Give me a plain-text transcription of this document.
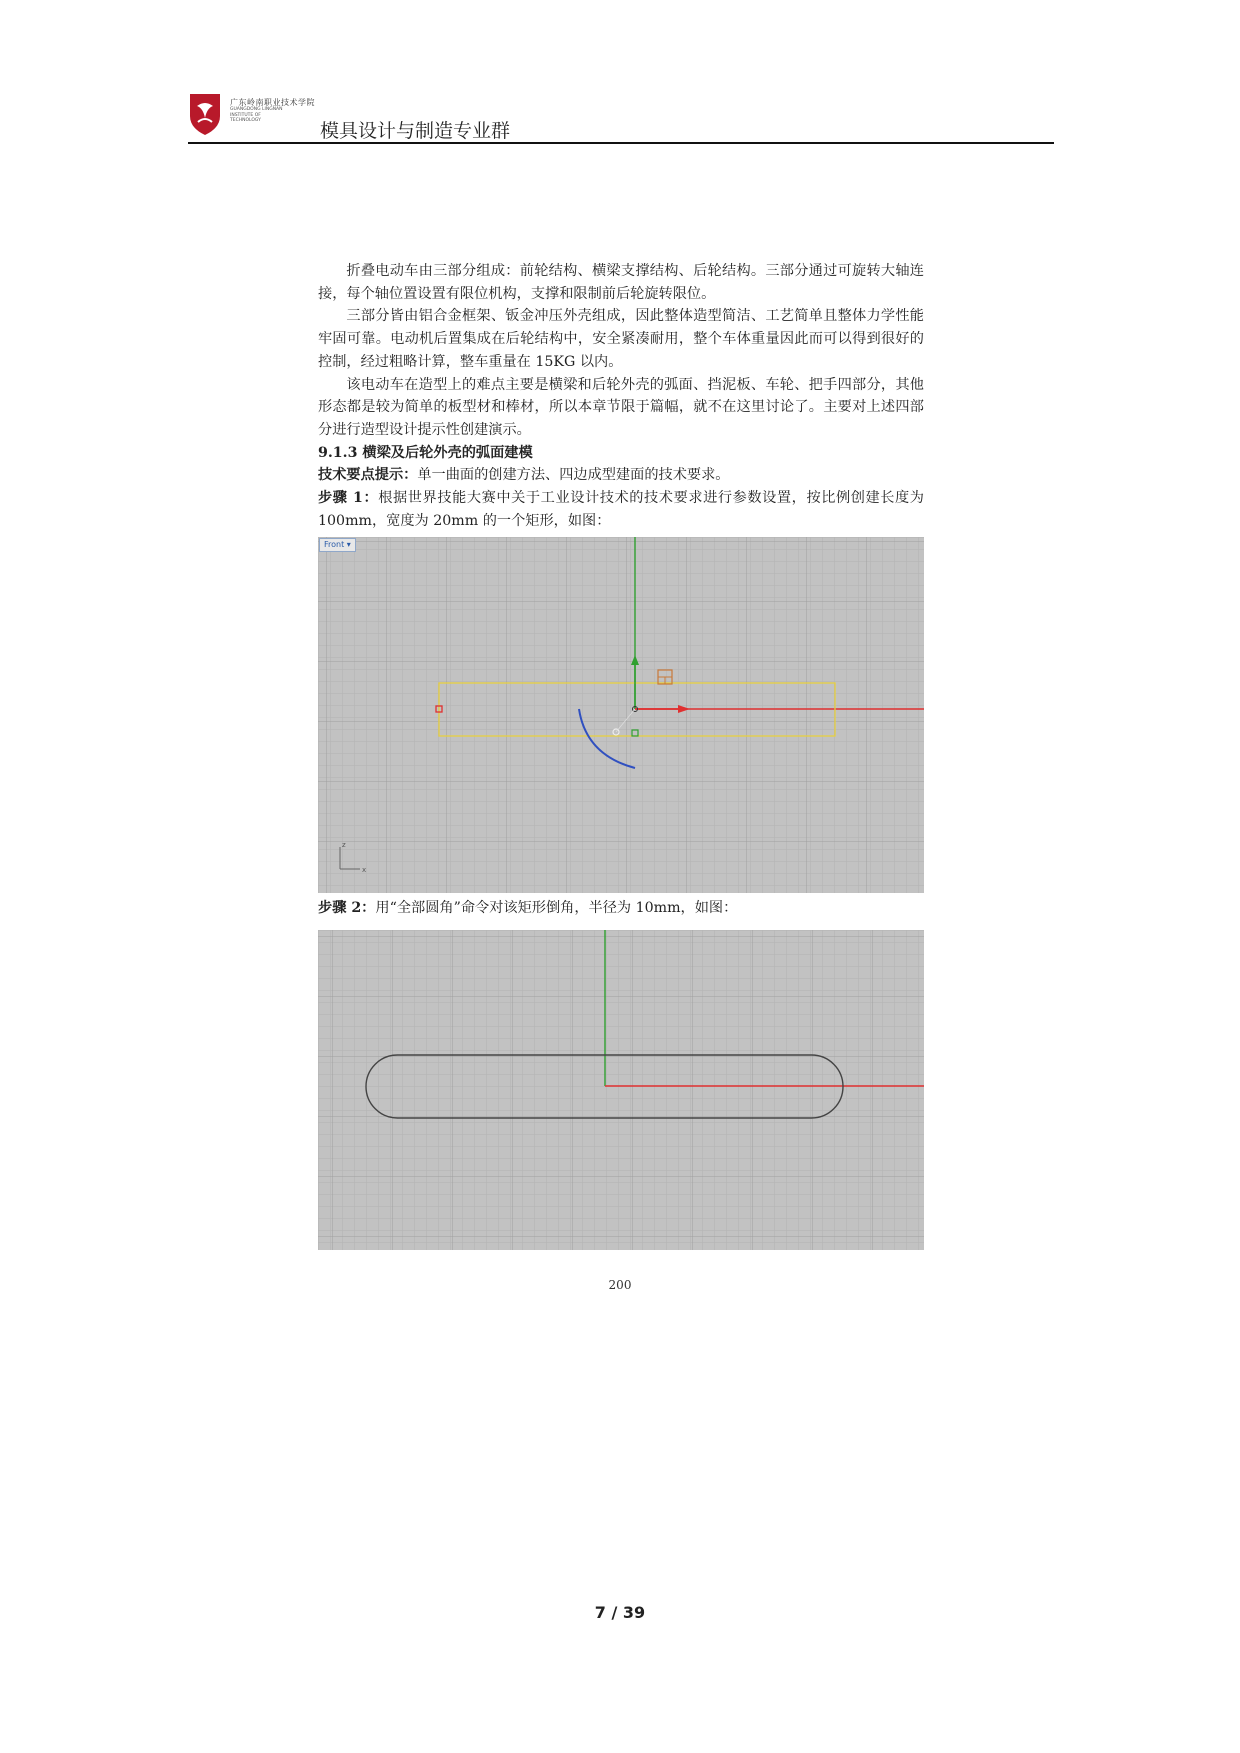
广东岭南职业技术学院
GUANGDONG LINGNAN INSTITUTE OF TECHNOLOGY	模具设计与制造专业群

折叠电动车由三部分组成：前轮结构、横梁支撑结构、后轮结构。三部分通过可旋转大轴连接，每个轴位置设置有限位机构，支撑和限制前后轮旋转限位。

三部分皆由铝合金框架、钣金冲压外壳组成，因此整体造型简洁、工艺简单且整体力学性能牢固可靠。电动机后置集成在后轮结构中，安全紧凑耐用，整个车体重量因此而可以得到很好的控制，经过粗略计算，整车重量在 15KG 以内。

该电动车在造型上的难点主要是横梁和后轮外壳的弧面、挡泥板、车轮、把手四部分，其他形态都是较为简单的板型材和棒材，所以本章节限于篇幅，就不在这里讨论了。主要对上述四部分进行造型设计提示性创建演示。

9.1.3 横梁及后轮外壳的弧面建模

技术要点提示：单一曲面的创建方法、四边成型建面的技术要求。

步骤 1：根据世界技能大赛中关于工业设计技术的技术要求进行参数设置，按比例创建长度为 100mm，宽度为 20mm 的一个矩形，如图：

z
x
Front ▾
步骤 2：用“全部圆角”命令对该矩形倒角，半径为 10mm，如图：
200
7 / 39
